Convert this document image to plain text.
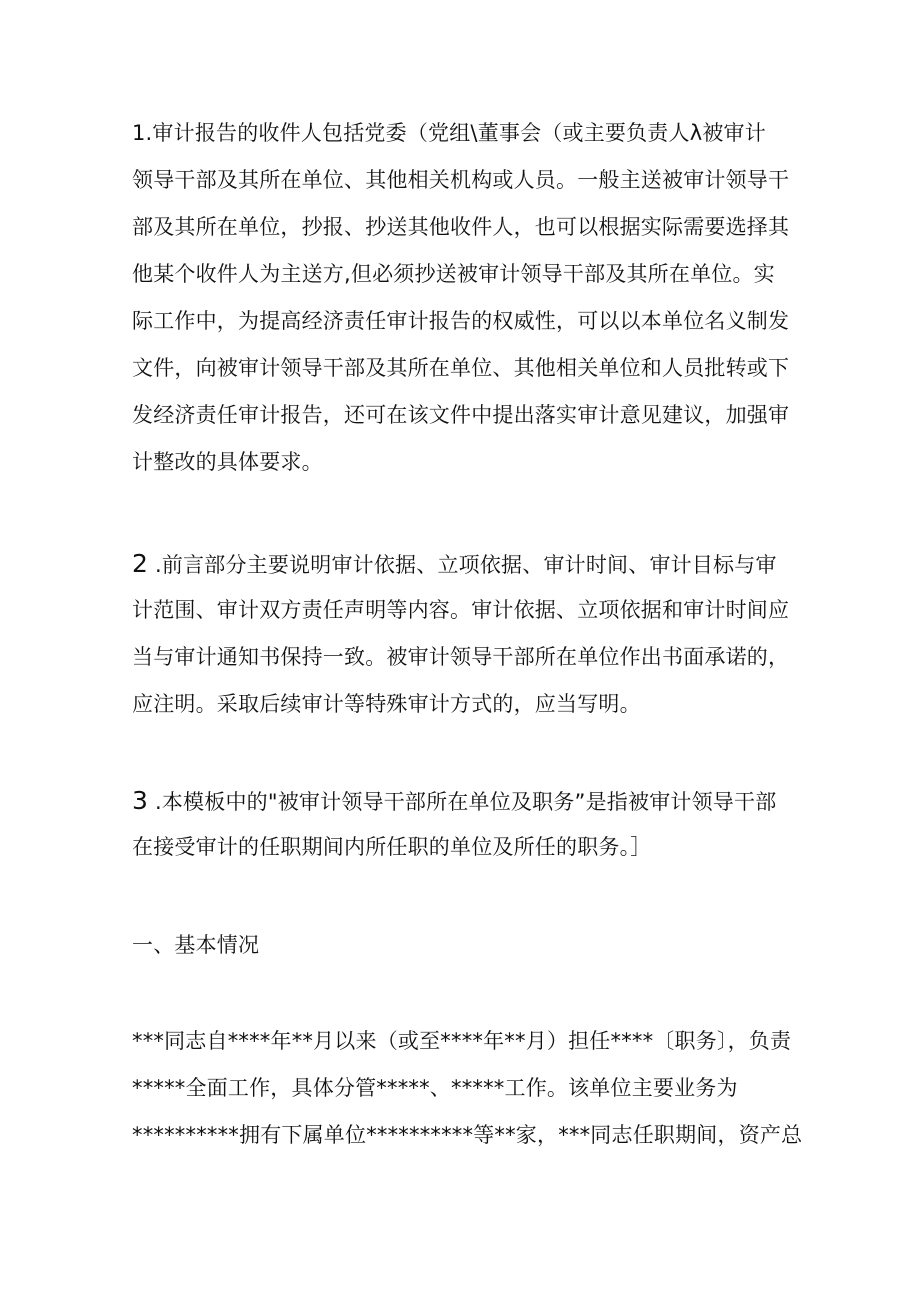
1.审计报告的收件人包括党委（党组\董事会（或主要负责人λ被审计
领导干部及其所在单位、其他相关机构或人员。一般主送被审计领导干
部及其所在单位，抄报、抄送其他收件人，也可以根据实际需要选择其
他某个收件人为主送方,但必须抄送被审计领导干部及其所在单位。实
际工作中，为提高经济责任审计报告的权威性，可以以本单位名义制发
文件，向被审计领导干部及其所在单位、其他相关单位和人员批转或下
发经济责任审计报告，还可在该文件中提出落实审计意见建议，加强审
计整改的具体要求。
2 .前言部分主要说明审计依据、立项依据、审计时间、审计目标与审
计范围、审计双方责任声明等内容。审计依据、立项依据和审计时间应
当与审计通知书保持一致。被审计领导干部所在单位作出书面承诺的，
应注明。采取后续审计等特殊审计方式的，应当写明。
3 .本模板中的"被审计领导干部所在单位及职务”是指被审计领导干部
在接受审计的任职期间内所任职的单位及所任的职务。］
一、基本情况
***同志自****年**月以来（或至****年**月）担任****〔职务〕，负责
*****全面工作，具体分管*****、*****工作。该单位主要业务为
**********拥有下属单位**********等**家，***同志任职期间，资产总
